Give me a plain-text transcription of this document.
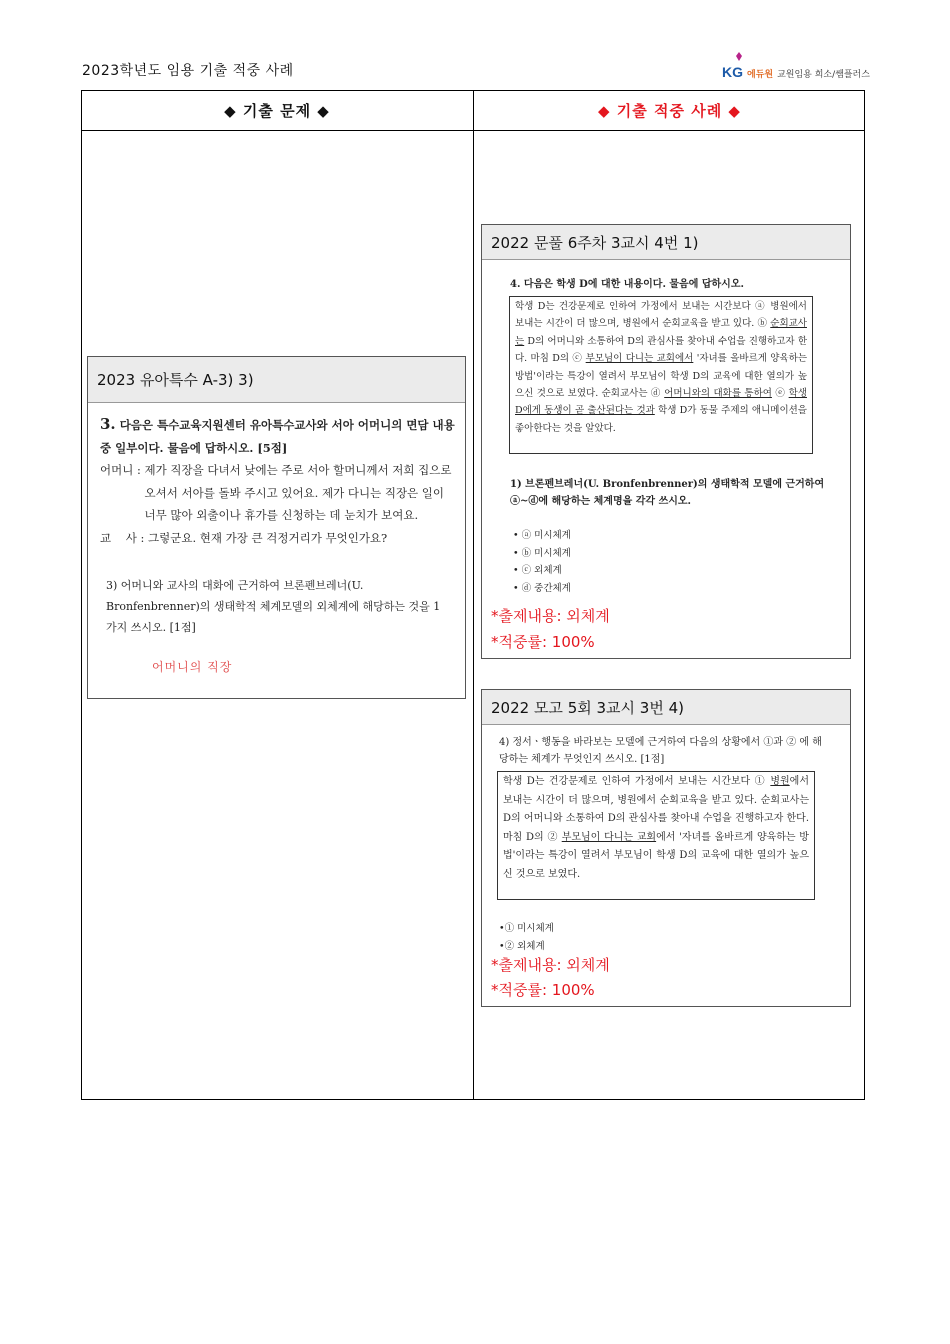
2023학년도 임용 기출 적중 사례	KG 에듀원 교원임용 희소/쌤플러스
◆ 기출 문제 ◆	◆ 기출 적중 사례 ◆
2023 유아특수 A-3) 3)
3. 다음은 특수교육지원센터 유아특수교사와 서아 어머니의 면담 내용 중 일부이다. 물음에 답하시오. [5점]
어머니 : 제가 직장을 다녀서 낮에는 주로 서아 할머니께서 저희 집으로 오셔서 서아를 돌봐 주시고 있어요. 제가 다니는 직장은 일이 너무 많아 외출이나 휴가를 신청하는 데 눈치가 보여요.
교    사 : 그렇군요. 현재 가장 큰 걱정거리가 무엇인가요?
3) 어머니와 교사의 대화에 근거하여 브론펜브레너(U. Bronfenbrenner)의 생태학적 체계모델의 외체계에 해당하는 것을 1가지 쓰시오. [1점]
어머니의 직장
2022 문풀 6주차 3교시 4번 1)
4. 다음은 학생 D에 대한 내용이다. 물음에 답하시오.
학생 D는 건강문제로 인하여 가정에서 보내는 시간보다 ⓐ 병원에서 보내는 시간이 더 많으며, 병원에서 순회교육을 받고 있다. ⓑ 순회교사는 D의 어머니와 소통하여 D의 관심사를 찾아내 수업을 진행하고자 한다. 마침 D의 ⓒ 부모님이 다니는 교회에서 '자녀를 올바르게 양육하는 방법'이라는 특강이 열려서 부모님이 학생 D의 교육에 대한 열의가 높으신 것으로 보였다. 순회교사는 ⓓ 어머니와의 대화를 통하여 ⓔ 학생 D에게 동생이 곧 출산된다는 것과 학생 D가 동물 주제의 애니메이션을 좋아한다는 것을 알았다.
1) 브론펜브레너(U. Bronfenbrenner)의 생태학적 모델에 근거하여 ⓐ~ⓓ에 해당하는 체계명을 각각 쓰시오.
• ⓐ 미시체계
• ⓑ 미시체계
• ⓒ 외체계
• ⓓ 중간체계
*출제내용: 외체계
*적중률: 100%
2022 모고 5회 3교시 3번 4)
4) 정서ㆍ행동을 바라보는 모델에 근거하여 다음의 상황에서 ①과 ② 에 해당하는 체계가 무엇인지 쓰시오. [1점]
학생 D는 건강문제로 인하여 가정에서 보내는 시간보다 ① 병원에서 보내는 시간이 더 많으며, 병원에서 순회교육을 받고 있다. 순회교사는 D의 어머니와 소통하여 D의 관심사를 찾아내 수업을 진행하고자 한다. 마침 D의 ② 부모님이 다니는 교회에서 '자녀를 올바르게 양육하는 방법'이라는 특강이 열려서 부모님이 학생 D의 교육에 대한 열의가 높으신 것으로 보였다.
•① 미시체계
•② 외체계
*출제내용: 외체계
*적중률: 100%
